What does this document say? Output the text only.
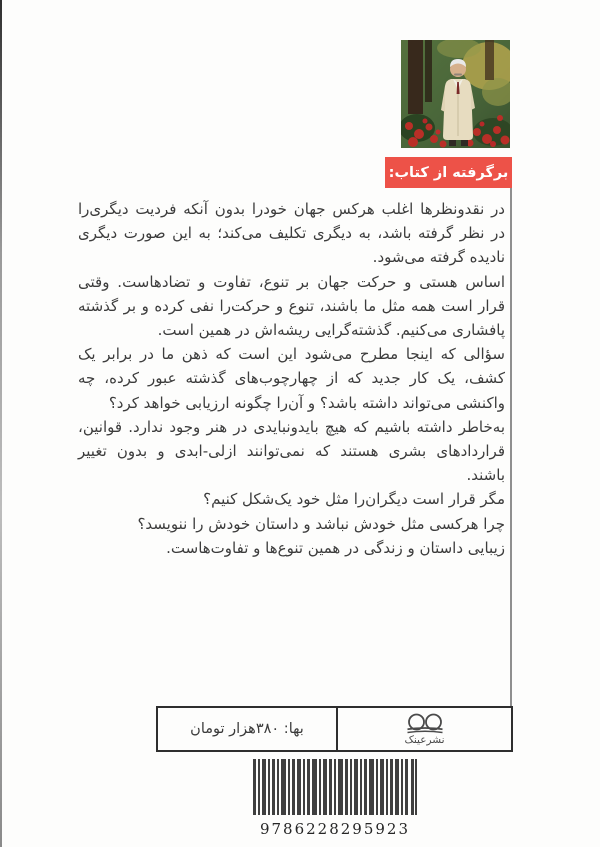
برگرفته از کتاب:

در نقدونظرها اغلب هرکس جهان خودرا بدون آنکه فردیت دیگری‌را در نظر گرفته باشد، به دیگری تکلیف می‌کند؛ به این صورت دیگری نادیده گرفته می‌شود.

اساس هستی و حرکت جهان بر تنوع، تفاوت و تضادهاست. وقتی قرار است همه مثل ما باشند، تنوع و حرکت‌را نفی کرده و بر گذشته پافشاری می‌کنیم. گذشته‌گرایی ریشه‌اش در همین است.

سؤالی که اینجا مطرح می‌شود این است که ذهن ما در برابر یک کشف، یک کار جدید که از چهارچوب‌های گذشته عبور کرده، چه واکنشی می‌تواند داشته باشد؟ و آن‌را چگونه ارزیابی خواهد کرد؟

به‌خاطر داشته باشیم که هیچ بایدونبایدی در هنر وجود ندارد. قوانین، قراردادهای بشری هستند که نمی‌توانند ازلی-ابدی و بدون تغییر باشند.

مگر قرار است دیگران‌را مثل خود یک‌شکل کنیم؟

چرا هرکسی مثل خودش نباشد و داستان خودش را ننویسد؟

زیبایی داستان و زندگی در همین تنوع‌ها و تفاوت‌هاست.

بها: ۳۸۰هزار تومان
نشرعینک
9786228295923
